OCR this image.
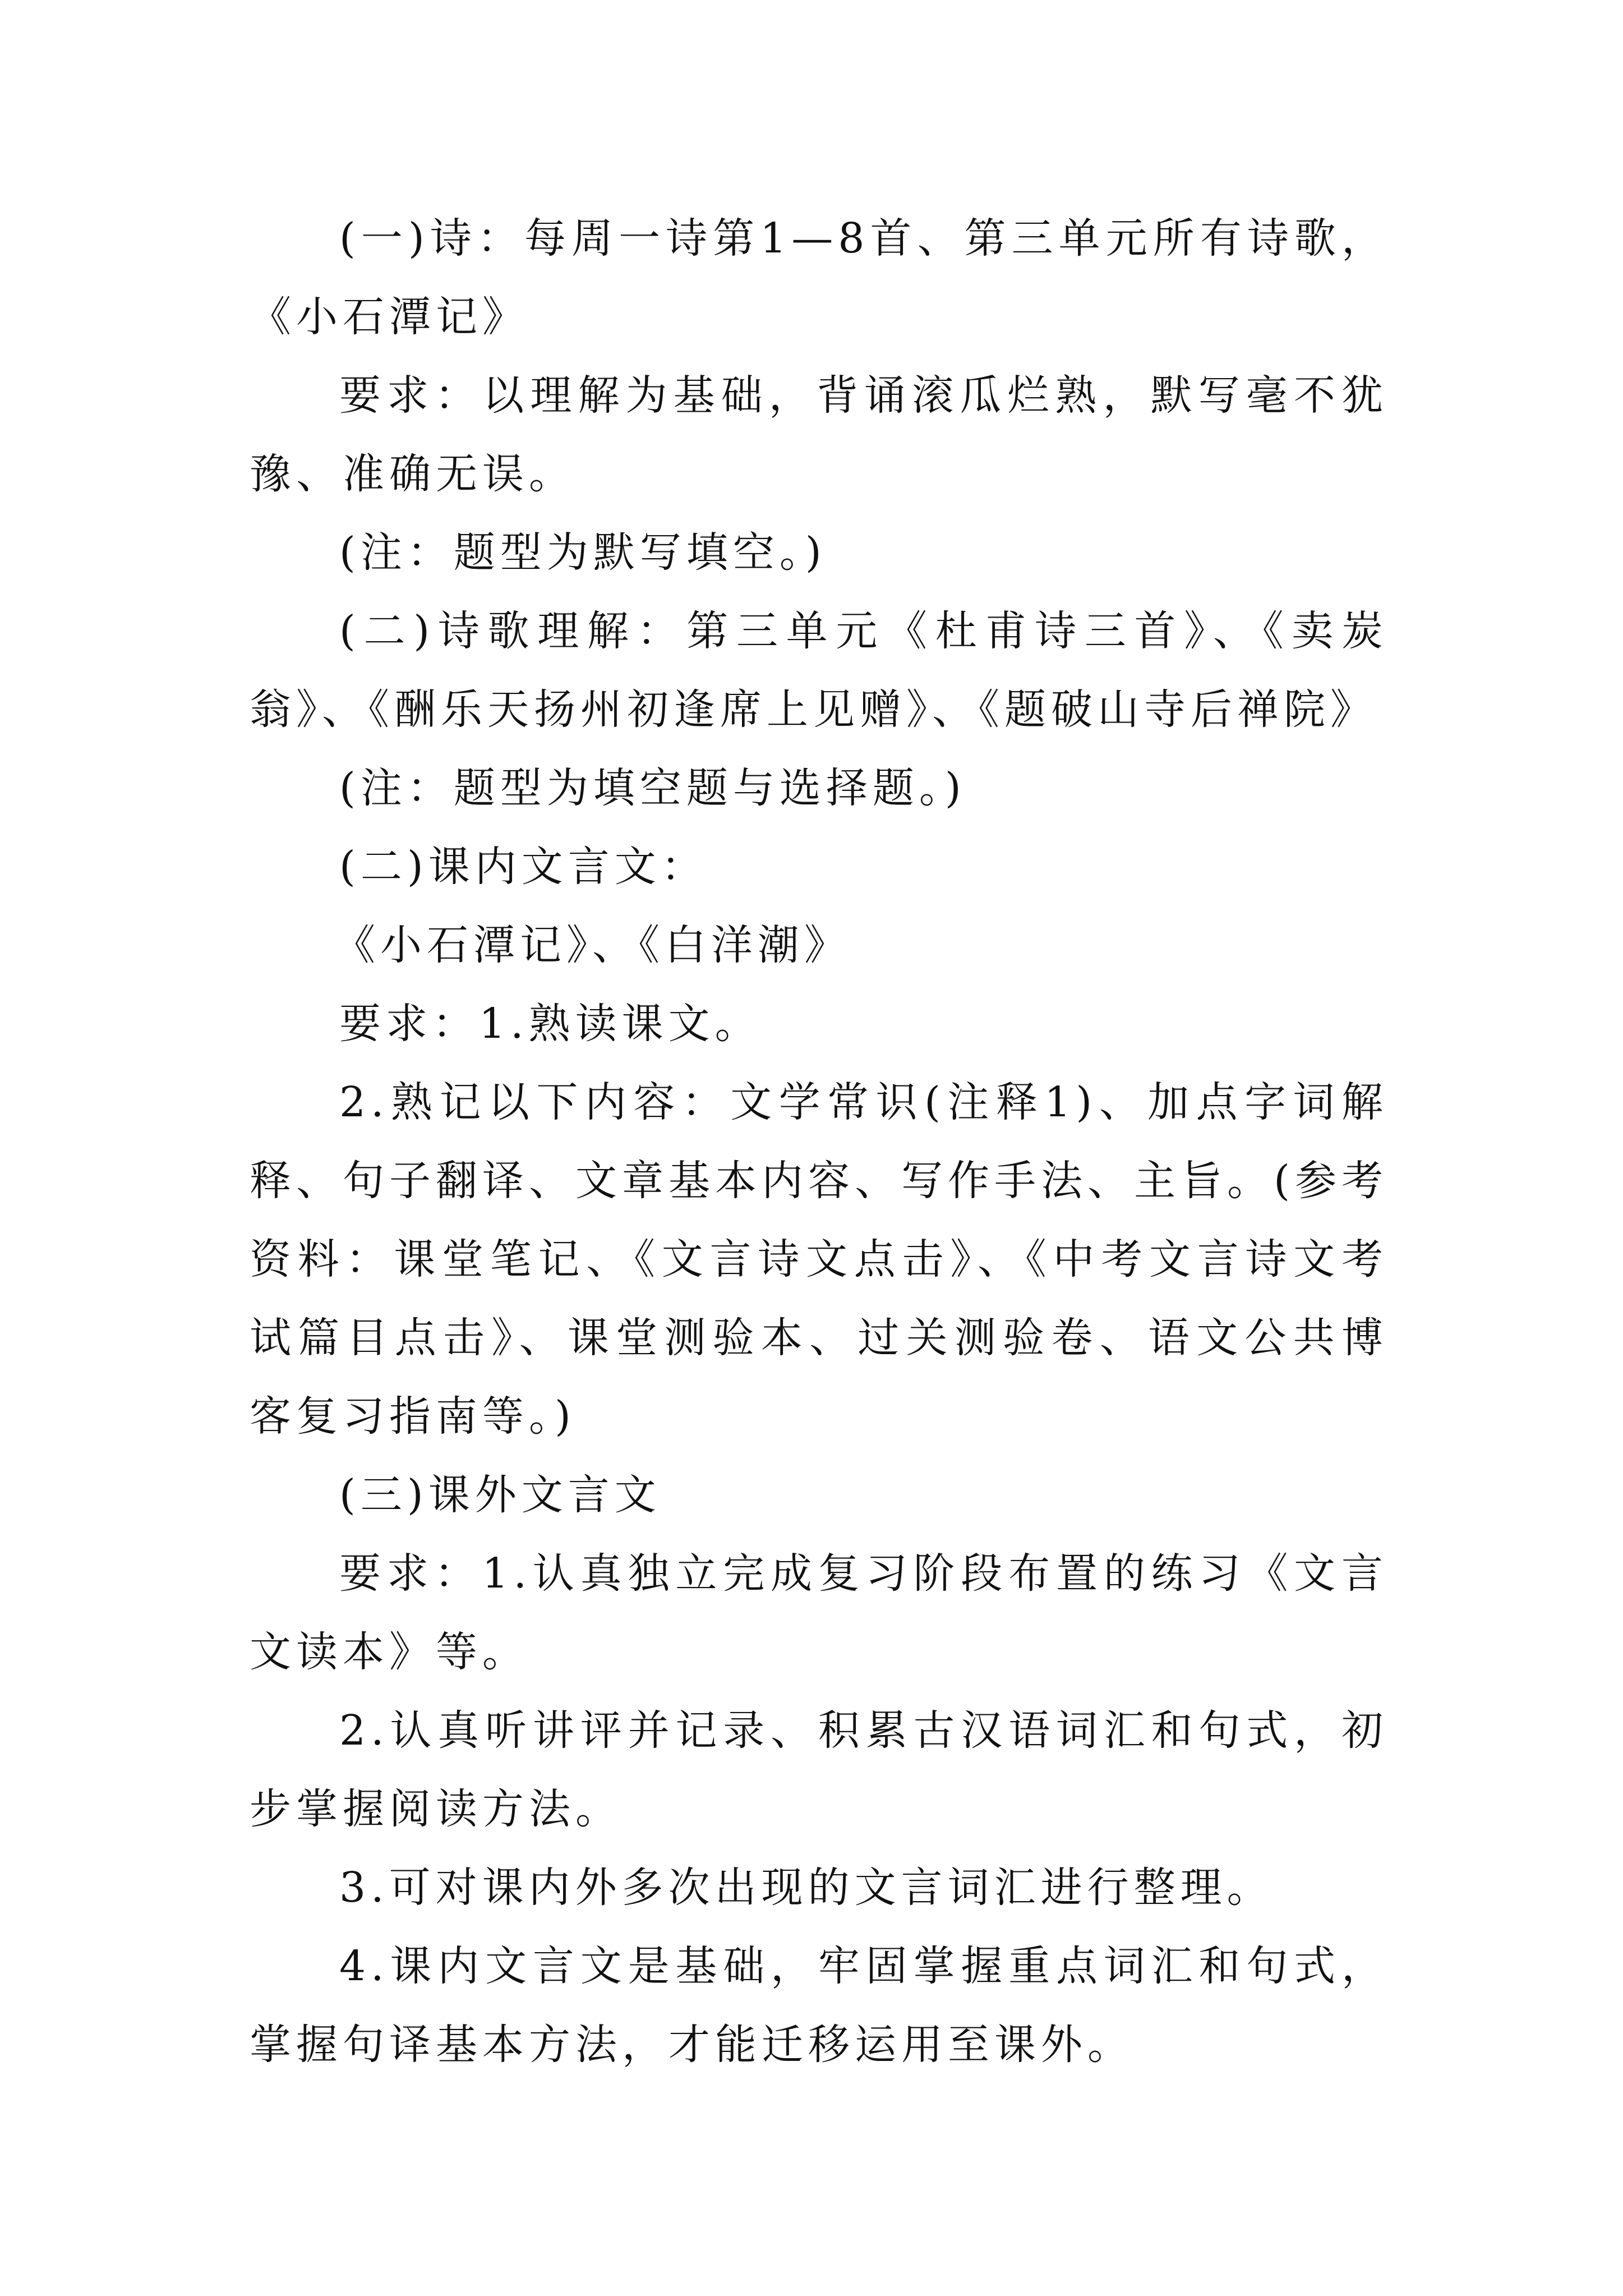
(一)诗：每周一诗第1—8首、第三单元所有诗歌，《小石潭记》

要求：以理解为基础，背诵滚瓜烂熟，默写毫不犹豫、准确无误。

(注：题型为默写填空。)

(二)诗歌理解：第三单元《杜甫诗三首》、《卖炭翁》、《酬乐天扬州初逢席上见赠》、《题破山寺后禅院》

(注：题型为填空题与选择题。)

(二)课内文言文：

《小石潭记》、《白洋潮》

要求：1.熟读课文。

2.熟记以下内容：文学常识(注释1)、加点字词解释、句子翻译、文章基本内容、写作手法、主旨。(参考资料：课堂笔记、《文言诗文点击》、《中考文言诗文考试篇目点击》、课堂测验本、过关测验卷、语文公共博客复习指南等。)

(三)课外文言文

要求：1.认真独立完成复习阶段布置的练习《文言文读本》等。

2.认真听讲评并记录、积累古汉语词汇和句式，初步掌握阅读方法。

3.可对课内外多次出现的文言词汇进行整理。

4.课内文言文是基础，牢固掌握重点词汇和句式，掌握句译基本方法，才能迁移运用至课外。
